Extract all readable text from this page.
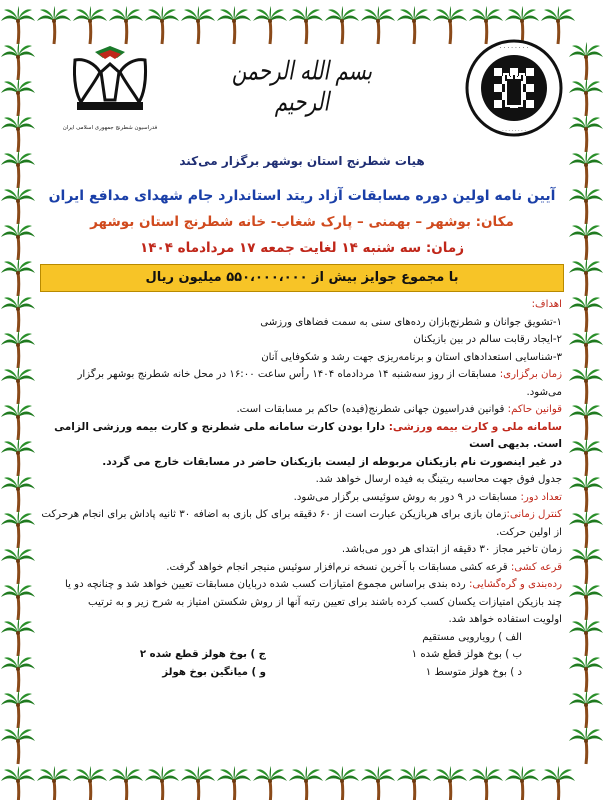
· · · · · · · ·
· · · · · · · ·
بسم الله الرحمن الرحیم
فدراسیون شطرنج جمهوری اسلامی ایران
هیات شطرنج استان بوشهر برگزار می‌کند
آیین نامه اولین دوره مسابقات آزاد ریتد استاندارد جام شهدای مدافع ایران
مکان: بوشهر – بهمنی – پارک شغاب- خانه شطرنج استان بوشهر
زمان: سه شنبه ۱۴ لغایت جمعه ۱۷ مردادماه ۱۴۰۴
با مجموع جوایز بیش از ۵۵۰،۰۰۰،۰۰۰ میلیون ریال

اهداف:

۱-تشویق جوانان و شطرنج‌بازان رده‌های سنی به سمت فضاهای ورزشی

۲-ایجاد رقابت سالم در بین بازیکنان

۳-شناسایی استعدادهای استان و برنامه‌ریزی جهت رشد و شکوفایی آنان

زمان برگزاری: مسابقات از روز سه‌شنبه ۱۴ مردادماه ۱۴۰۴ رأس ساعت ۱۶:۰۰ در محل خانه شطرنج بوشهر برگزار می‌شود.

قوانین حاکم: قوانین فدراسیون جهانی شطرنج(فیده) حاکم بر مسابقات است.

سامانه ملی و کارت بیمه ورزشی: دارا بودن کارت سامانه ملی شطرنج و کارت بیمه ورزشی الزامی است. بدیهی است

در غیر اینصورت نام بازیکنان مربوطه از لیست بازیکنان حاضر در مسابقات خارج می گردد.

جدول فوق جهت محاسبه ریتینگ به فیده ارسال خواهد شد.

تعداد دور: مسابقات در ۹ دور به روش سوئیسی برگزار می‌شود.

کنترل زمانی:زمان بازی برای هربازیکن عبارت است از ۶۰ دقیقه برای کل بازی به اضافه ۳۰ ثانیه پاداش برای انجام هرحرکت

از اولین حرکت.

زمان تاخیر مجاز ۳۰ دقیقه از ابتدای هر دور می‌باشد.

قرعه کشی: قرعه کشی مسابقات با آخرین نسخه نرم‌افزار سوئیس منیجر انجام خواهد گرفت.

رده‌بندی و گره‌گشایی: رده بندی براساس مجموع امتیازات کسب شده دربایان مسابقات تعیین خواهد شد و چنانچه دو یا

چند بازیکن امتیازات یکسان کسب کرده باشند برای تعیین رتبه آنها از روش شکستن امتیاز به شرح زیر و به ترتیب

اولویت استفاده خواهد شد.

الف ) رویارویی مستقیم

ب ) بوخ هولز قطع شده ۱
ج ) بوخ هولز قطع شده ۲
د ) بوخ هولز متوسط ۱
و ) میانگین بوخ هولز
